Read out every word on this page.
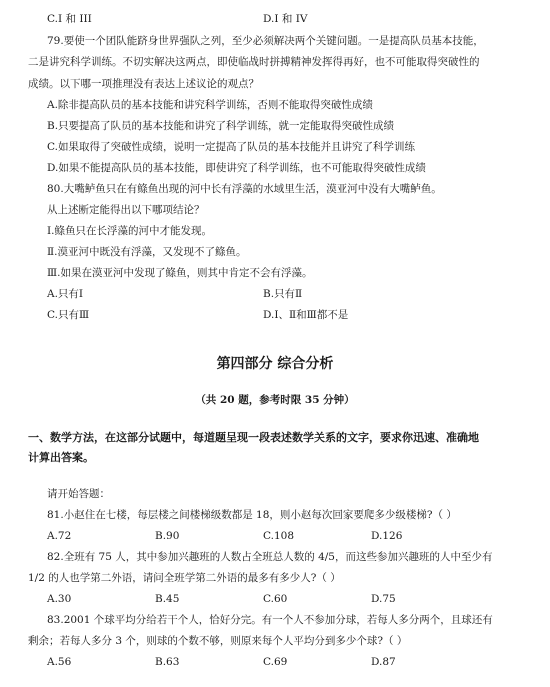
C.I 和 III	D.I 和 IV
79.要使一个团队能跻身世界强队之列，至少必须解决两个关键问题。一是提高队员基本技能，
二是讲究科学训练。不切实解决这两点，即使临战时拼搏精神发挥得再好，也不可能取得突破性的
成绩。以下哪一项推理没有表达上述议论的观点？
A.除非提高队员的基本技能和讲究科学训练，否则不能取得突破性成绩
B.只要提高了队员的基本技能和讲究了科学训练，就一定能取得突破性成绩
C.如果取得了突破性成绩，说明一定提高了队员的基本技能并且讲究了科学训练
D.如果不能提高队员的基本技能，即使讲究了科学训练，也不可能取得突破性成绩
80.大嘴鲈鱼只在有鲦鱼出现的河中长有浮藻的水域里生活，漠亚河中没有大嘴鲈鱼。
从上述断定能得出以下哪项结论？
Ⅰ.鲦鱼只在长浮藻的河中才能发现。
Ⅱ.漠亚河中既没有浮藻，又发现不了鲦鱼。
Ⅲ.如果在漠亚河中发现了鲦鱼，则其中肯定不会有浮藻。
A.只有Ⅰ	B.只有Ⅱ
C.只有Ⅲ	D.Ⅰ、Ⅱ和Ⅲ都不是
第四部分 综合分析
（共 20 题，参考时限 35 分钟）
一、数学方法，在这部分试题中，每道题呈现一段表述数学关系的文字，要求你迅速、准确地
计算出答案。
请开始答题：
81.小赵住在七楼，每层楼之间楼梯级数都是 18，则小赵每次回家要爬多少级楼梯?（ ）
A.72	B.90	C.108	D.126
82.全班有 75 人，其中参加兴趣班的人数占全班总人数的 4/5，而这些参加兴趣班的人中至少有
1/2 的人也学第二外语，请问全班学第二外语的最多有多少人?（ ）
A.30	B.45	C.60	D.75
83.2001 个球平均分给若干个人，恰好分完。有一个人不参加分球，若每人多分两个，且球还有
剩余；若每人多分 3 个，则球的个数不够，则原来每个人平均分到多少个球?（ ）
A.56	B.63	C.69	D.87
